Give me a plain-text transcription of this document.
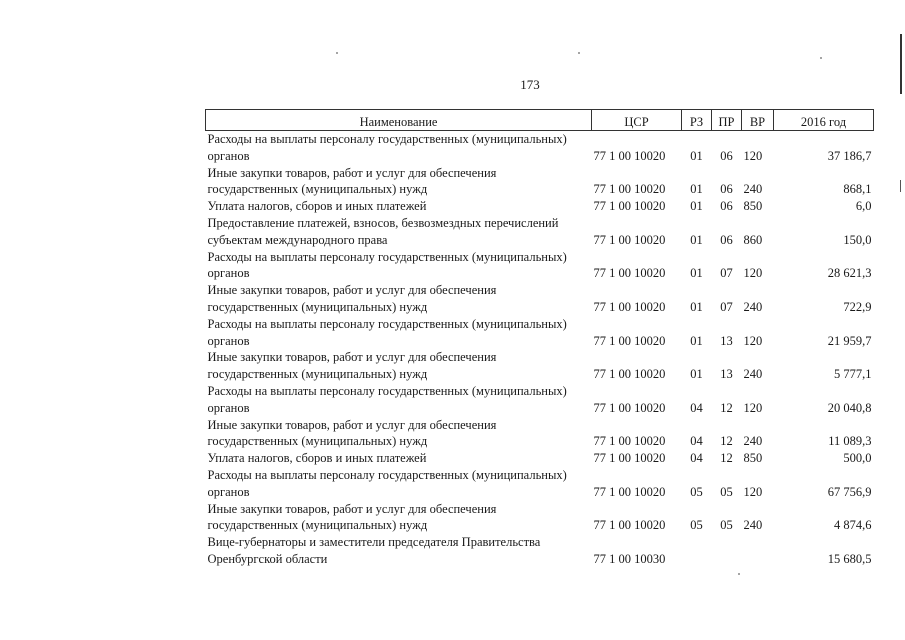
173
Наименование	ЦСР	РЗ	ПР	ВР	2016 год
Расходы на выплаты персоналу государственных (муниципальных) органов	77 1 00 10020	01	06	120	37 186,7
Иные закупки товаров, работ и услуг для обеспечения государственных (муниципальных) нужд	77 1 00 10020	01	06	240	868,1
Уплата налогов, сборов и иных платежей	77 1 00 10020	01	06	850	6,0
Предоставление платежей, взносов, безвозмездных перечислений субъектам международного права	77 1 00 10020	01	06	860	150,0
Расходы на выплаты персоналу государственных (муниципальных) органов	77 1 00 10020	01	07	120	28 621,3
Иные закупки товаров, работ и услуг для обеспечения государственных (муниципальных) нужд	77 1 00 10020	01	07	240	722,9
Расходы на выплаты персоналу государственных (муниципальных) органов	77 1 00 10020	01	13	120	21 959,7
Иные закупки товаров, работ и услуг для обеспечения государственных (муниципальных) нужд	77 1 00 10020	01	13	240	5 777,1
Расходы на выплаты персоналу государственных (муниципальных) органов	77 1 00 10020	04	12	120	20 040,8
Иные закупки товаров, работ и услуг для обеспечения государственных (муниципальных) нужд	77 1 00 10020	04	12	240	11 089,3
Уплата налогов, сборов и иных платежей	77 1 00 10020	04	12	850	500,0
Расходы на выплаты персоналу государственных (муниципальных) органов	77 1 00 10020	05	05	120	67 756,9
Иные закупки товаров, работ и услуг для обеспечения государственных (муниципальных) нужд	77 1 00 10020	05	05	240	4 874,6
Вице-губернаторы и заместители председателя Правительства Оренбургской области	77 1 00 10030				15 680,5
